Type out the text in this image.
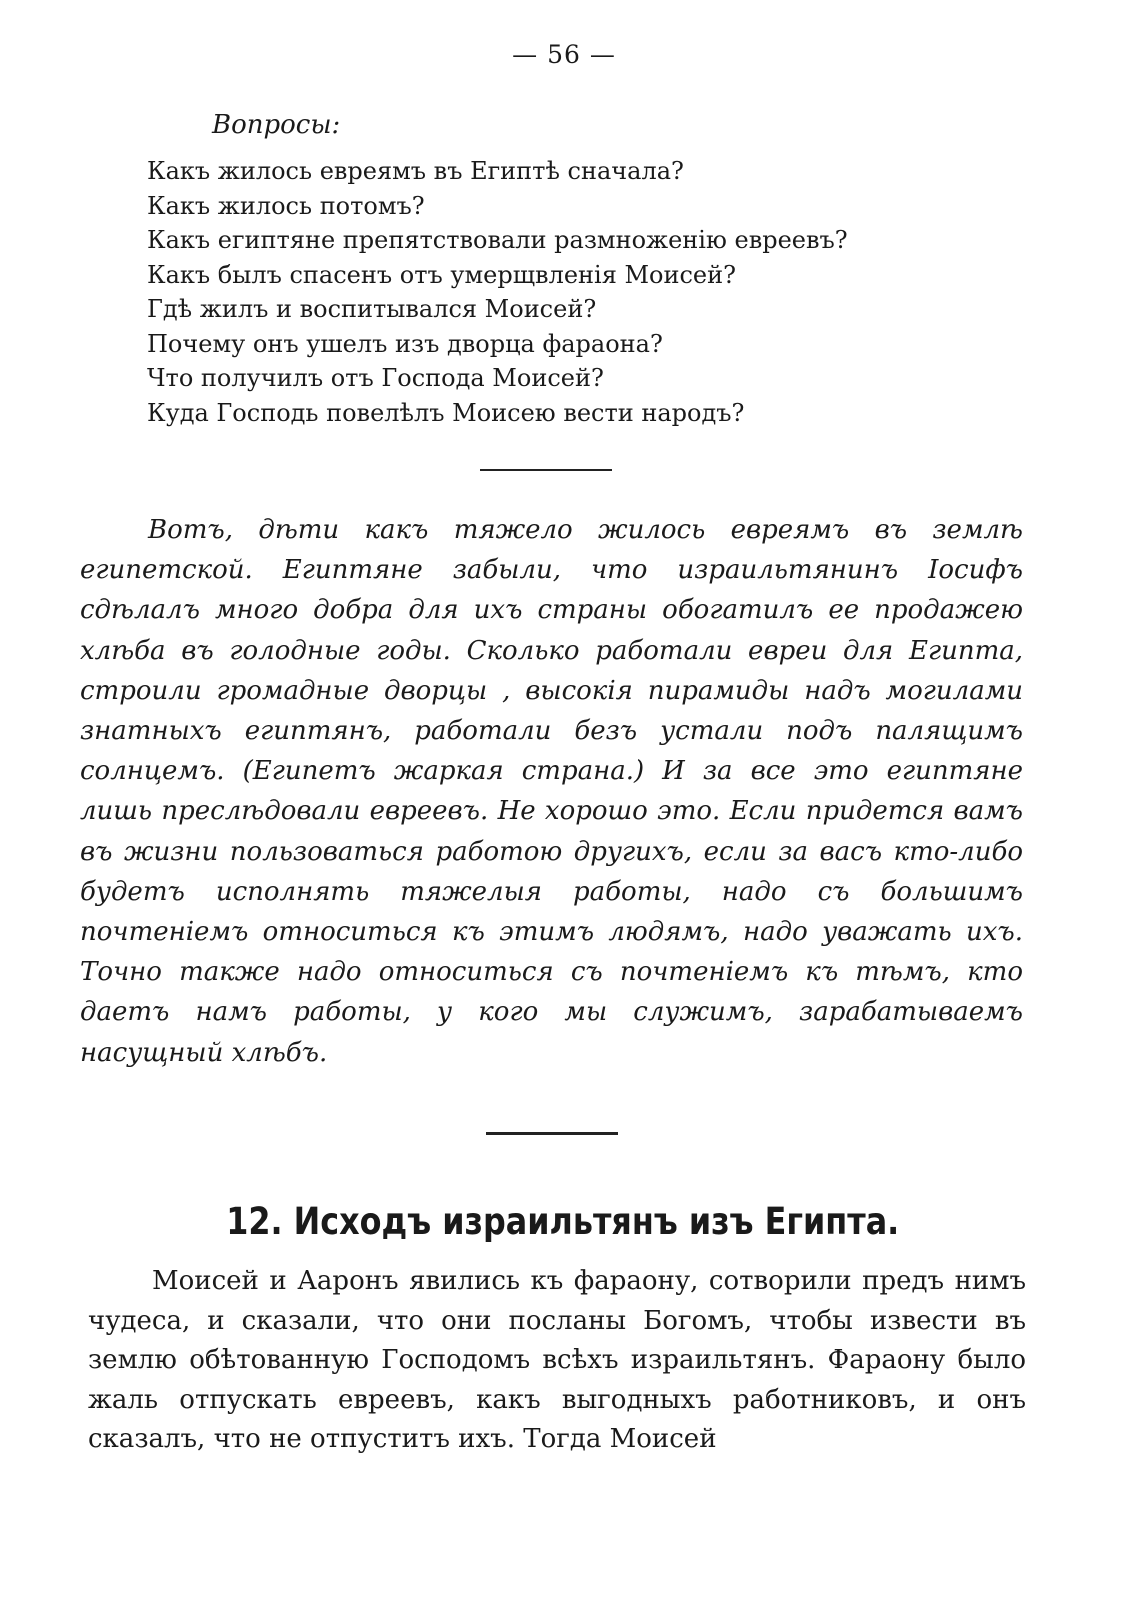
— 56 —
Вопросы:
Какъ жилось евреямъ въ Египтѣ сначала?
Какъ жилось потомъ?
Какъ египтяне препятствовали размноженію евреевъ?
Какъ былъ спасенъ отъ умерщвленія Моисей?
Гдѣ жилъ и воспитывался Моисей?
Почему онъ ушелъ изъ дворца фараона?
Что получилъ отъ Господа Моисей?
Куда Господь повелѣлъ Моисею вести народъ?

Вотъ, дѣти какъ тяжело жилось евреямъ въ землѣ египетской. Египтяне забыли, что израильтянинъ Іосифъ сдѣлалъ много добра для ихъ страны обогатилъ ее продажею хлѣба въ голодные годы. Сколько работали евреи для Египта, строили громадные дворцы , высокія пирамиды надъ могилами знатныхъ египтянъ, работали безъ устали подъ палящимъ солнцемъ. (Египетъ жаркая страна.) И за все это египтяне лишь преслѣдовали евреевъ. Не хорошо это. Если придется вамъ въ жизни пользоваться работою другихъ, если за васъ кто-либо будетъ исполнять тяжелыя работы, надо съ большимъ почтеніемъ относиться къ этимъ людямъ, надо уважать ихъ. Точно также надо относиться съ почтеніемъ къ тѣмъ, кто даетъ намъ работы, у кого мы служимъ, зарабатываемъ насущный хлѣбъ.

12. Исходъ израильтянъ изъ Египта.

Моисей и Ааронъ явились къ фараону, сотворили предъ нимъ чудеса, и сказали, что они посланы Богомъ, чтобы извести въ землю обѣтованную Господомъ всѣхъ израильтянъ. Фараону было жаль отпускать евреевъ, какъ выгодныхъ работниковъ, и онъ сказалъ, что не отпуститъ ихъ. Тогда Моисей
